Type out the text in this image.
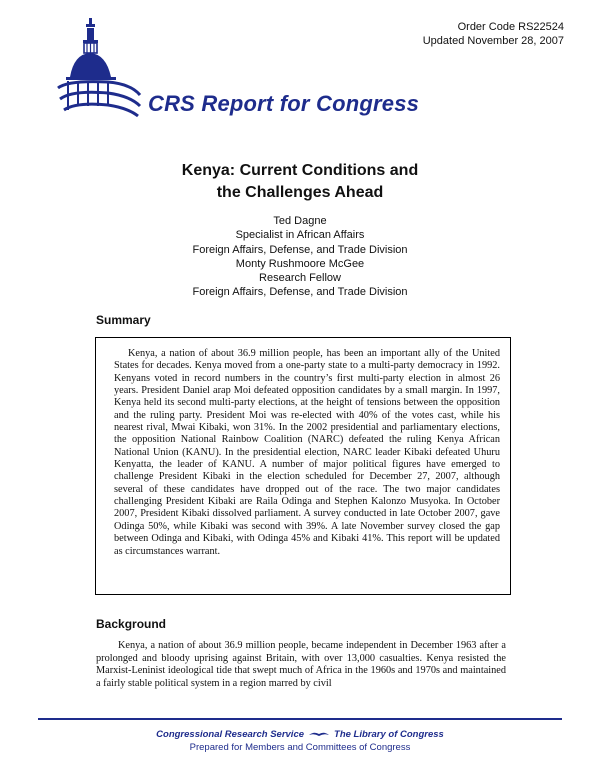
Order Code RS22524
Updated November 28, 2007
CRS Report for Congress
Kenya: Current Conditions and
the Challenges Ahead
Ted Dagne
Specialist in African Affairs
Foreign Affairs, Defense, and Trade Division
Monty Rushmoore McGee
Research Fellow
Foreign Affairs, Defense, and Trade Division
Summary

Kenya, a nation of about 36.9 million people, has been an important ally of the United States for decades. Kenya moved from a one-party state to a multi-party democracy in 1992. Kenyans voted in record numbers in the country’s first multi-party election in almost 26 years. President Daniel arap Moi defeated opposition candidates by a small margin. In 1997, Kenya held its second multi-party elections, at the height of tensions between the opposition and the ruling party. President Moi was re-elected with 40% of the votes cast, while his nearest rival, Mwai Kibaki, won 31%. In the 2002 presidential and parliamentary elections, the opposition National Rainbow Coalition (NARC) defeated the ruling Kenya African National Union (KANU). In the presidential election, NARC leader Kibaki defeated Uhuru Kenyatta, the leader of KANU. A number of major political figures have emerged to challenge President Kibaki in the election scheduled for December 27, 2007, although several of these candidates have dropped out of the race. The two major candidates challenging President Kibaki are Raila Odinga and Stephen Kalonzo Musyoka. In October 2007, President Kibaki dissolved parliament. A survey conducted in late October 2007, gave Odinga 50%, while Kibaki was second with 39%. A late November survey closed the gap between Odinga and Kibaki, with Odinga 45% and Kibaki 41%. This report will be updated as circumstances warrant.

Background

Kenya, a nation of about 36.9 million people, became independent in December 1963 after a prolonged and bloody uprising against Britain, with over 13,000 casualties. Kenya resisted the Marxist-Leninist ideological tide that swept much of Africa in the 1960s and 1970s and maintained a fairly stable political system in a region marred by civil

Congressional Research Service	The Library of Congress
Prepared for Members and Committees of Congress
